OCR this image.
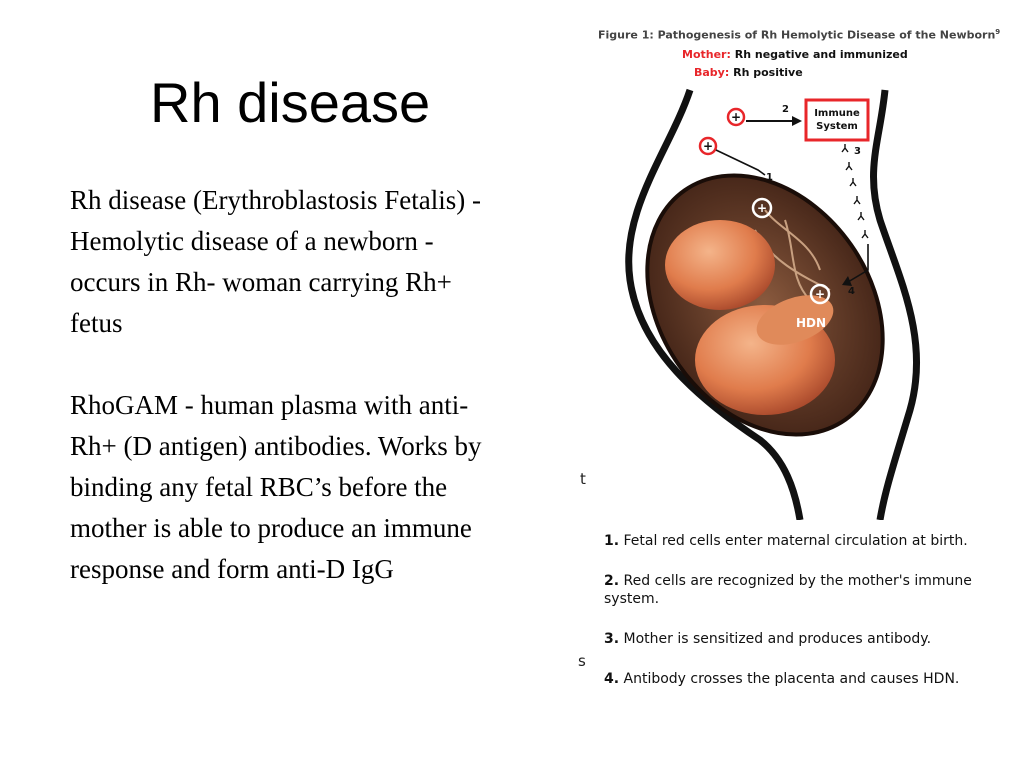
Rh disease

Rh disease (Erythroblastosis Fetalis) - Hemolytic disease of a newborn - occurs in Rh- woman carrying Rh+ fetus

RhoGAM - human plasma with anti-Rh+ (D antigen) antibodies. Works by binding any fetal RBC’s before the mother is able to produce an immune response and form anti-D IgG

Figure 1: Pathogenesis of Rh Hemolytic Disease of the Newborn$^9$
Mother: Rh negative and immunized
Baby: Rh positive
+
+
+
+
Immune
System
1
2
3
4
HDN
1. Fetal red cells enter maternal circulation at birth.
2. Red cells are recognized by the mother's immune system.
3. Mother is sensitized and produces antibody.
4. Antibody crosses the placenta and causes HDN.
t
s
